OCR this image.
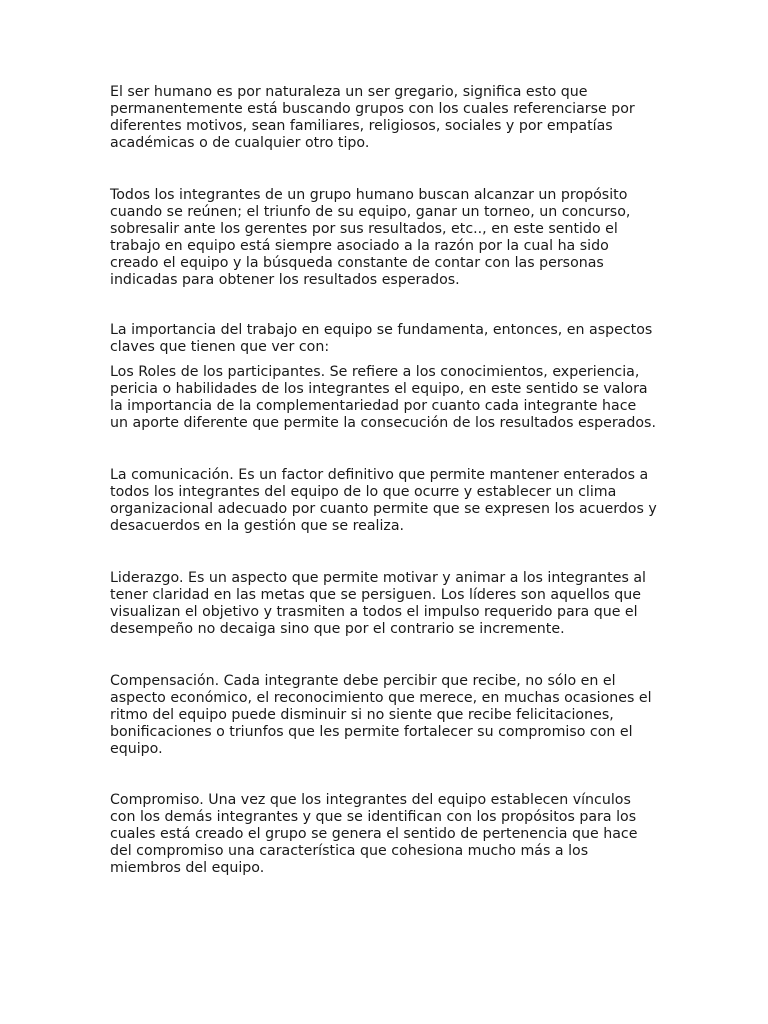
El ser humano es por naturaleza un ser gregario, significa esto que
permanentemente está buscando grupos con los cuales referenciarse por
diferentes motivos, sean familiares, religiosos, sociales y por empatías
académicas o de cualquier otro tipo.

Todos los integrantes de un grupo humano buscan alcanzar un propósito
cuando se reúnen; el triunfo de su equipo, ganar un torneo, un concurso,
sobresalir ante los gerentes por sus resultados, etc.., en este sentido el
trabajo en equipo está siempre asociado a la razón por la cual ha sido
creado el equipo y la búsqueda constante de contar con las personas
indicadas para obtener los resultados esperados.

La importancia del trabajo en equipo se fundamenta, entonces, en aspectos
claves que tienen que ver con:

Los Roles de los participantes. Se refiere a los conocimientos, experiencia,
pericia o habilidades de los integrantes el equipo, en este sentido se valora
la importancia de la complementariedad por cuanto cada integrante hace
un aporte diferente que permite la consecución de los resultados esperados.

La comunicación. Es un factor definitivo que permite mantener enterados a
todos los integrantes del equipo de lo que ocurre y establecer un clima
organizacional adecuado por cuanto permite que se expresen los acuerdos y
desacuerdos en la gestión que se realiza.

Liderazgo. Es un aspecto que permite motivar y animar a los integrantes al
tener claridad en las metas que se persiguen. Los líderes son aquellos que
visualizan el objetivo y trasmiten a todos el impulso requerido para que el
desempeño no decaiga sino que por el contrario se incremente.

Compensación. Cada integrante debe percibir que recibe, no sólo en el
aspecto económico, el reconocimiento que merece, en muchas ocasiones el
ritmo del equipo puede disminuir si no siente que recibe felicitaciones,
bonificaciones o triunfos que les permite fortalecer su compromiso con el
equipo.

Compromiso. Una vez que los integrantes del equipo establecen vínculos
con los demás integrantes y que se identifican con los propósitos para los
cuales está creado el grupo se genera el sentido de pertenencia que hace
del compromiso una característica que cohesiona mucho más a los
miembros del equipo.
